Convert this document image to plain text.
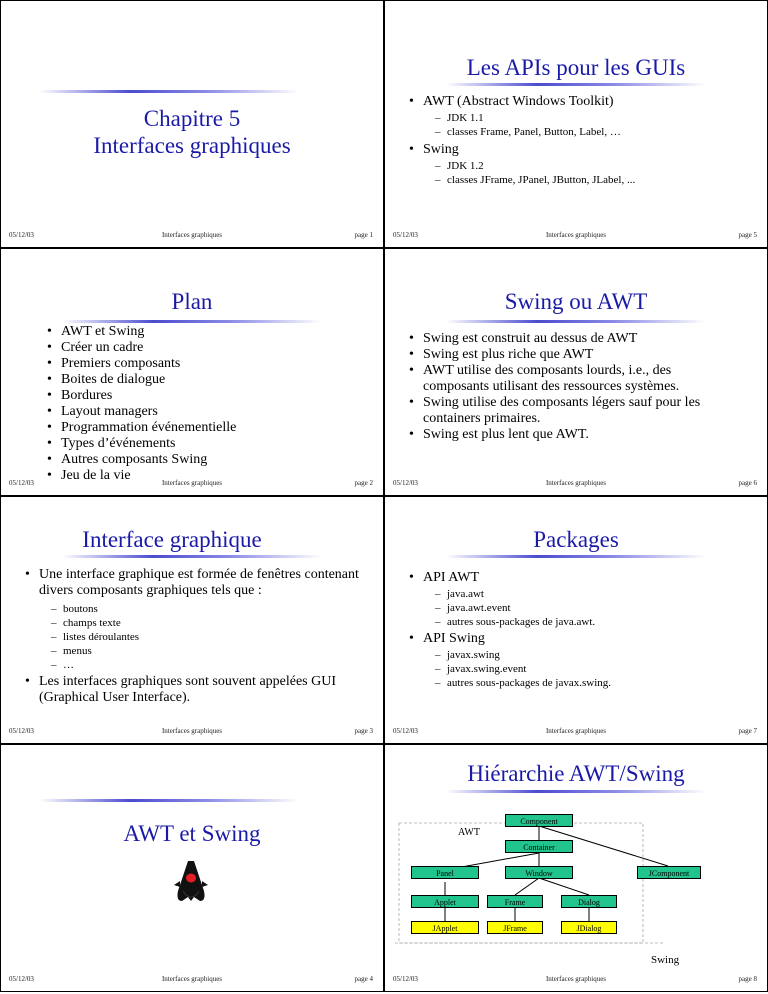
Chapitre 5
Interfaces graphiques
05/12/03	Interfaces graphiques	page 1
Les APIs pour les GUIs
• AWT (Abstract Windows Toolkit)
– JDK 1.1
– classes Frame, Panel, Button, Label, …
• Swing
– JDK 1.2
– classes JFrame, JPanel, JButton, JLabel, ...
05/12/03	Interfaces graphiques	page 5
Plan
• AWT et Swing
• Créer un cadre
• Premiers composants
• Boites de dialogue
• Bordures
• Layout managers
• Programmation événementielle
• Types d’événements
• Autres composants Swing
• Jeu de la vie
05/12/03	Interfaces graphiques	page 2
Swing ou AWT
• Swing est construit au dessus de AWT
• Swing est plus riche que AWT
• AWT utilise des composants lourds, i.e., des composants utilisant des ressources systèmes.
• Swing utilise des composants légers sauf pour les containers primaires.
• Swing est plus lent que AWT.
05/12/03	Interfaces graphiques	page 6
Interface graphique
• Une interface graphique est formée de fenêtres contenant divers composants graphiques tels que :
– boutons
– champs texte
– listes déroulantes
– menus
– …
• Les interfaces graphiques sont souvent appelées GUI (Graphical User Interface).
05/12/03	Interfaces graphiques	page 3
Packages
• API AWT
– java.awt
– java.awt.event
– autres sous-packages de java.awt.
• API Swing
– javax.swing
– javax.swing.event
– autres sous-packages de javax.swing.
05/12/03	Interfaces graphiques	page 7
AWT et Swing
05/12/03	Interfaces graphiques	page 4
Hiérarchie AWT/Swing
Component
AWT
Container
Panel	Window	JComponent
Applet	Frame	Dialog
JApplet	JFrame	JDialog
Swing
05/12/03	Interfaces graphiques	page 8
